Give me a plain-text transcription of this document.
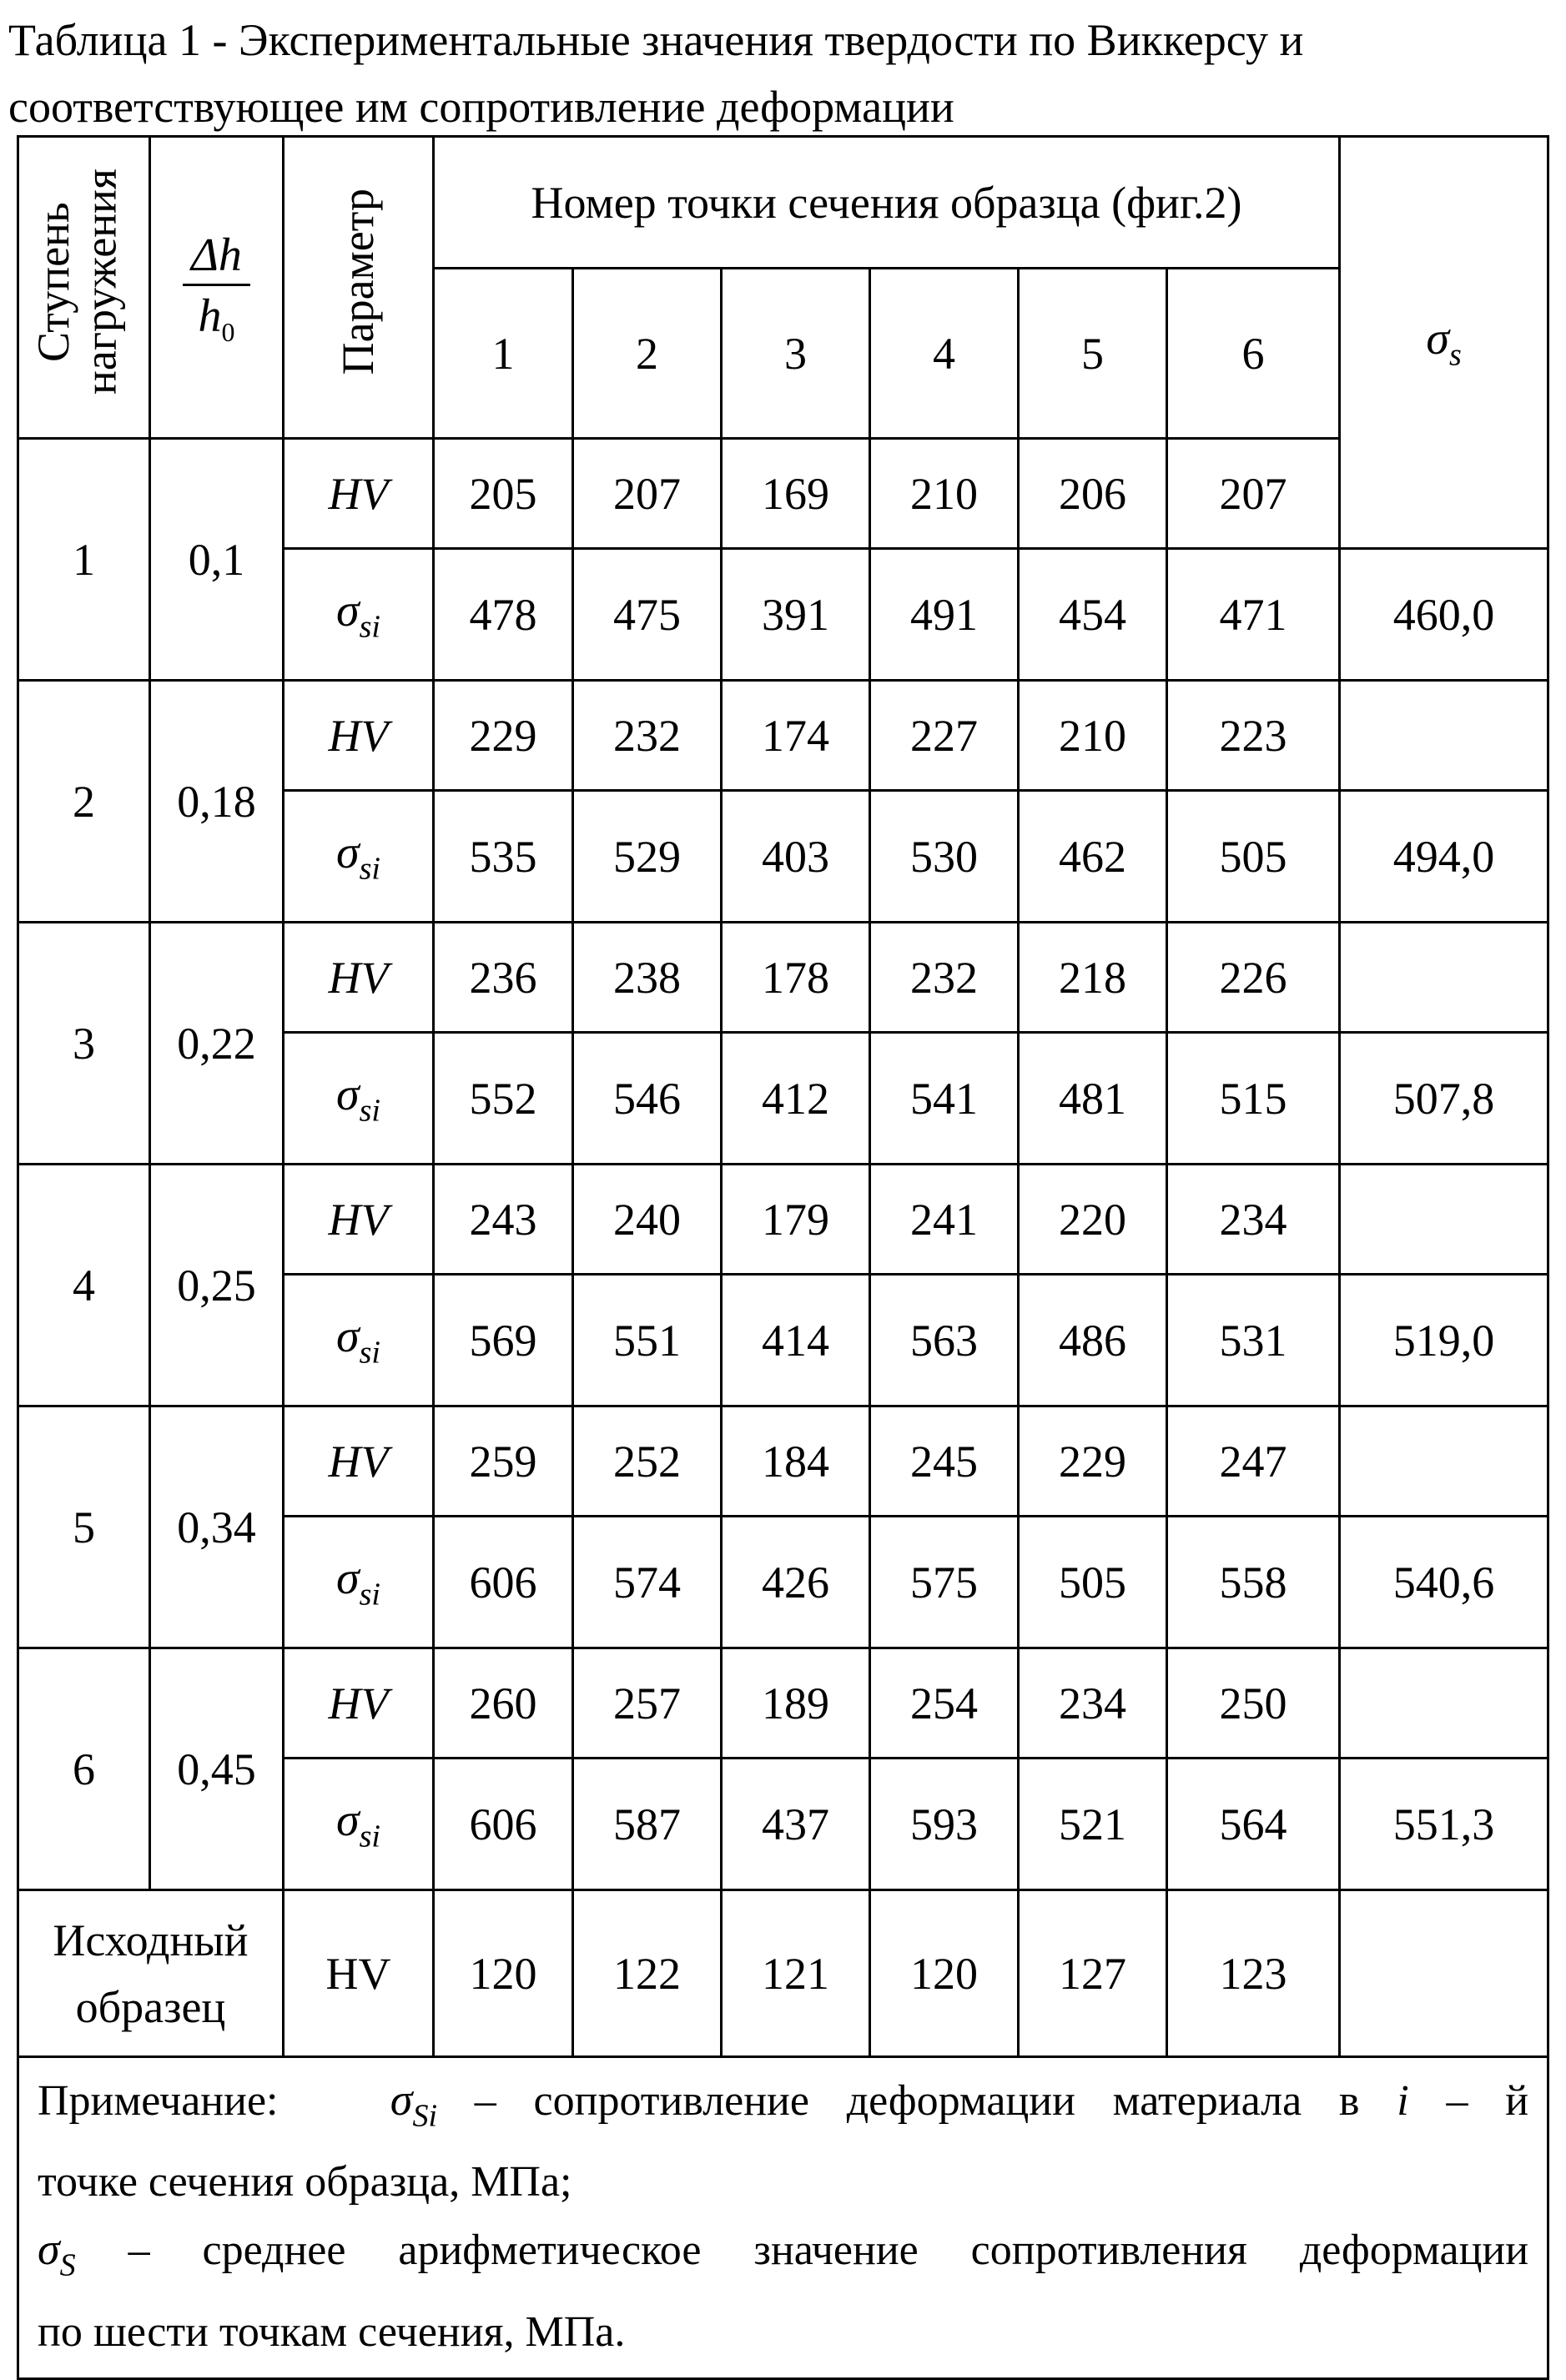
Таблица 1 - Экспериментальные значения твердости по Виккерсу и
соответствующее им сопротивление деформации
Ступень нагружения	$\frac{\Delta h}{h_0}$	Параметр	Номер точки сечения образца (фиг.2)						$\sigma_s$
			1	2	3	4	5	6	
1	0,1	HV	205	207	169	210	206	207	
		$\sigma_{si}$	478	475	391	491	454	471	460,0
2	0,18	HV	229	232	174	227	210	223	
		$\sigma_{si}$	535	529	403	530	462	505	494,0
3	0,22	HV	236	238	178	232	218	226	
		$\sigma_{si}$	552	546	412	541	481	515	507,8
4	0,25	HV	243	240	179	241	220	234	
		$\sigma_{si}$	569	551	414	563	486	531	519,0
5	0,34	HV	259	252	184	245	229	247	
		$\sigma_{si}$	606	574	426	575	505	558	540,6
6	0,45	HV	260	257	189	254	234	250	
		$\sigma_{si}$	606	587	437	593	521	564	551,3

Исходный
образец		HV	120	122	121	120	127	123	

Примечание: $\sigma_{Si}$ – сопротивление деформации материала в i – й

точке сечения образца, МПа;

$\sigma_S$ – среднее арифметическое значение сопротивления деформации

по шести точкам сечения, МПа.									
